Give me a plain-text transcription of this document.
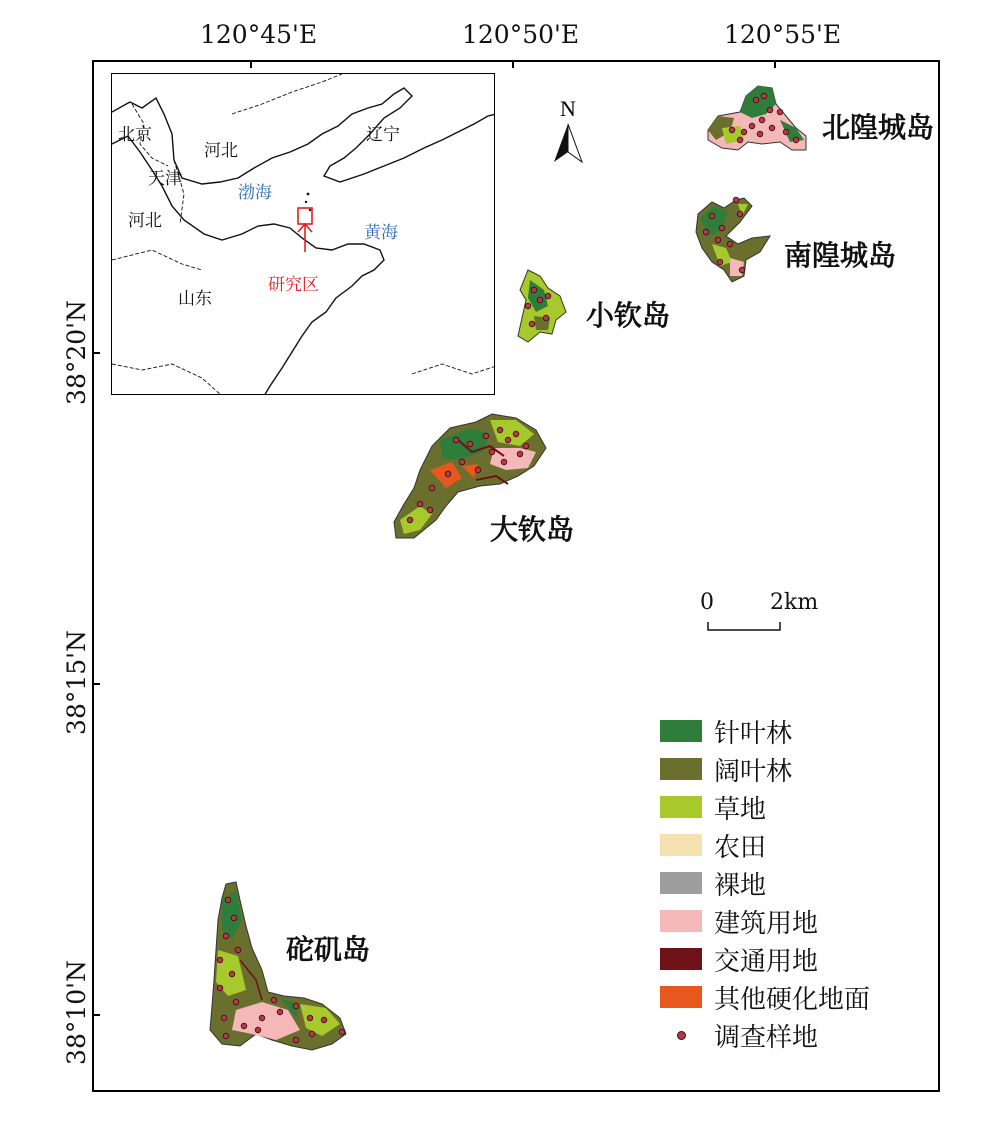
120°45'E	120°50'E	120°55'E
38°20'N
38°15'N
38°10'N
北隍城岛
南隍城岛
小钦岛
大钦岛
砣矶岛
北京
天津
河北
河北
辽宁
渤海
黄海
山东
研究区
N
0	2km
针叶林
阔叶林
草地
农田
裸地
建筑用地
交通用地
其他硬化地面
调查样地
